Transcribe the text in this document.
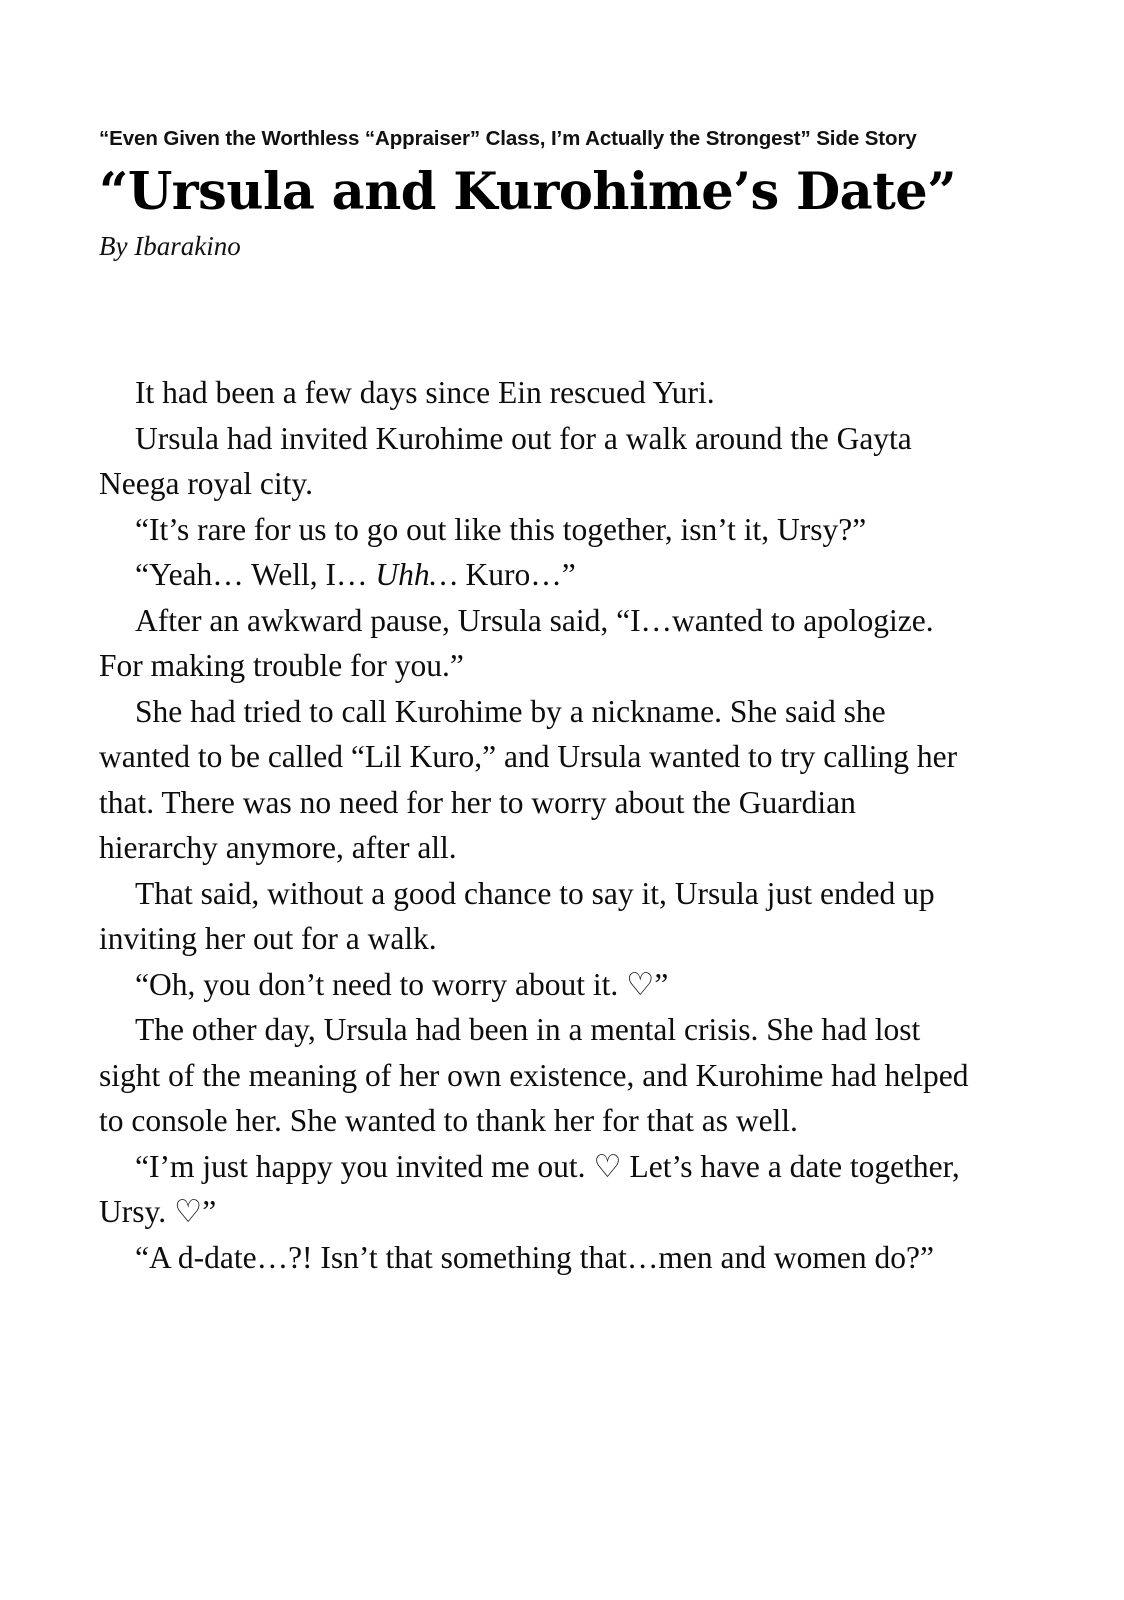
“Even Given the Worthless “Appraiser” Class, I’m Actually the Strongest” Side Story
“Ursula and Kurohime’s Date”
By Ibarakino

It had been a few days since Ein rescued Yuri.

Ursula had invited Kurohime out for a walk around the Gayta Neega royal city.

“It’s rare for us to go out like this together, isn’t it, Ursy?”

“Yeah… Well, I… Uhh… Kuro…”

After an awkward pause, Ursula said, “I…wanted to apologize. For making trouble for you.”

She had tried to call Kurohime by a nickname. She said she wanted to be called “Lil Kuro,” and Ursula wanted to try calling her that. There was no need for her to worry about the Guardian hierarchy anymore, after all.

That said, without a good chance to say it, Ursula just ended up inviting her out for a walk.

“Oh, you don’t need to worry about it. ♡”

The other day, Ursula had been in a mental crisis. She had lost sight of the meaning of her own existence, and Kurohime had helped to console her. She wanted to thank her for that as well.

“I’m just happy you invited me out. ♡ Let’s have a date together, Ursy. ♡”

“A d-date…?! Isn’t that something that…men and women do?”
